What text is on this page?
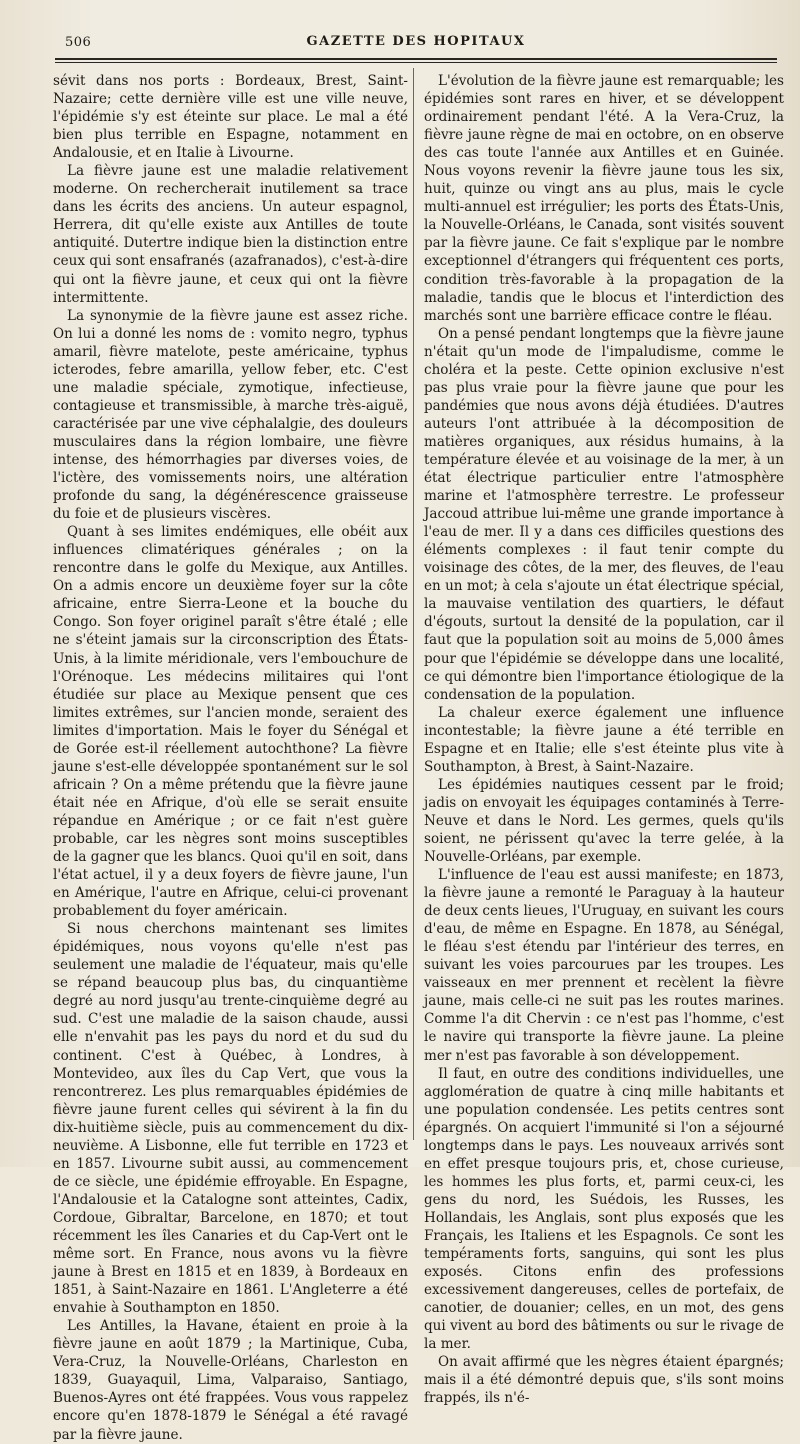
506	GAZETTE DES HOPITAUX

sévit dans nos ports : Bordeaux, Brest, Saint-Nazaire; cette dernière ville est une ville neuve, l'épidémie s'y est éteinte sur place. Le mal a été bien plus terrible en Espagne, notamment en Andalousie, et en Italie à Livourne.

La fièvre jaune est une maladie relativement moderne. On rechercherait inutilement sa trace dans les écrits des anciens. Un auteur espagnol, Herrera, dit qu'elle existe aux Antilles de toute antiquité. Dutertre indique bien la distinction entre ceux qui sont ensafranés (azafranados), c'est-à-dire qui ont la fièvre jaune, et ceux qui ont la fièvre intermittente.

La synonymie de la fièvre jaune est assez riche. On lui a donné les noms de : vomito negro, typhus amaril, fièvre matelote, peste américaine, typhus icterodes, febre amarilla, yellow feber, etc. C'est une maladie spéciale, zymotique, infectieuse, contagieuse et transmissible, à marche très-aiguë, caractérisée par une vive céphalalgie, des douleurs musculaires dans la région lombaire, une fièvre intense, des hémorrhagies par diverses voies, de l'ictère, des vomissements noirs, une altération profonde du sang, la dégénérescence graisseuse du foie et de plusieurs viscères.

Quant à ses limites endémiques, elle obéit aux influences climatériques générales ; on la rencontre dans le golfe du Mexique, aux Antilles. On a admis encore un deuxième foyer sur la côte africaine, entre Sierra-Leone et la bouche du Congo. Son foyer originel paraît s'être étalé ; elle ne s'éteint jamais sur la circonscription des États-Unis, à la limite méridionale, vers l'embouchure de l'Orénoque. Les médecins militaires qui l'ont étudiée sur place au Mexique pensent que ces limites extrêmes, sur l'ancien monde, seraient des limites d'importation. Mais le foyer du Sénégal et de Gorée est-il réellement autochthone? La fièvre jaune s'est-elle développée spontanément sur le sol africain ? On a même prétendu que la fièvre jaune était née en Afrique, d'où elle se serait ensuite répandue en Amérique ; or ce fait n'est guère probable, car les nègres sont moins susceptibles de la gagner que les blancs. Quoi qu'il en soit, dans l'état actuel, il y a deux foyers de fièvre jaune, l'un en Amérique, l'autre en Afrique, celui-ci provenant probablement du foyer américain.

Si nous cherchons maintenant ses limites épidémiques, nous voyons qu'elle n'est pas seulement une maladie de l'équateur, mais qu'elle se répand beaucoup plus bas, du cinquantième degré au nord jusqu'au trente-cinquième degré au sud. C'est une maladie de la saison chaude, aussi elle n'envahit pas les pays du nord et du sud du continent. C'est à Québec, à Londres, à Montevideo, aux îles du Cap Vert, que vous la rencontrerez. Les plus remarquables épidémies de fièvre jaune furent celles qui sévirent à la fin du dix-huitième siècle, puis au commencement du dix-neuvième. A Lisbonne, elle fut terrible en 1723 et en 1857. Livourne subit aussi, au commencement de ce siècle, une épidémie effroyable. En Espagne, l'Andalousie et la Catalogne sont atteintes, Cadix, Cordoue, Gibraltar, Barcelone, en 1870; et tout récemment les îles Canaries et du Cap-Vert ont le même sort. En France, nous avons vu la fièvre jaune à Brest en 1815 et en 1839, à Bordeaux en 1851, à Saint-Nazaire en 1861. L'Angleterre a été envahie à Southampton en 1850.

Les Antilles, la Havane, étaient en proie à la fièvre jaune en août 1879 ; la Martinique, Cuba, Vera-Cruz, la Nouvelle-Orléans, Charleston en 1839, Guayaquil, Lima, Valparaiso, Santiago, Buenos-Ayres ont été frappées. Vous vous rappelez encore qu'en 1878-1879 le Sénégal a été ravagé par la fièvre jaune.

L'évolution de la fièvre jaune est remarquable; les épidémies sont rares en hiver, et se développent ordinairement pendant l'été. A la Vera-Cruz, la fièvre jaune règne de mai en octobre, on en observe des cas toute l'année aux Antilles et en Guinée. Nous voyons revenir la fièvre jaune tous les six, huit, quinze ou vingt ans au plus, mais le cycle multi-annuel est irrégulier; les ports des États-Unis, la Nouvelle-Orléans, le Canada, sont visités souvent par la fièvre jaune. Ce fait s'explique par le nombre exceptionnel d'étrangers qui fréquentent ces ports, condition très-favorable à la propagation de la maladie, tandis que le blocus et l'interdiction des marchés sont une barrière efficace contre le fléau.

On a pensé pendant longtemps que la fièvre jaune n'était qu'un mode de l'impaludisme, comme le choléra et la peste. Cette opinion exclusive n'est pas plus vraie pour la fièvre jaune que pour les pandémies que nous avons déjà étudiées. D'autres auteurs l'ont attribuée à la décomposition de matières organiques, aux résidus humains, à la température élevée et au voisinage de la mer, à un état électrique particulier entre l'atmosphère marine et l'atmosphère terrestre. Le professeur Jaccoud attribue lui-même une grande importance à l'eau de mer. Il y a dans ces difficiles questions des éléments complexes : il faut tenir compte du voisinage des côtes, de la mer, des fleuves, de l'eau en un mot; à cela s'ajoute un état électrique spécial, la mauvaise ventilation des quartiers, le défaut d'égouts, surtout la densité de la population, car il faut que la population soit au moins de 5,000 âmes pour que l'épidémie se développe dans une localité, ce qui démontre bien l'importance étiologique de la condensation de la population.

La chaleur exerce également une influence incontestable; la fièvre jaune a été terrible en Espagne et en Italie; elle s'est éteinte plus vite à Southampton, à Brest, à Saint-Nazaire.

Les épidémies nautiques cessent par le froid; jadis on envoyait les équipages contaminés à Terre-Neuve et dans le Nord. Les germes, quels qu'ils soient, ne périssent qu'avec la terre gelée, à la Nouvelle-Orléans, par exemple.

L'influence de l'eau est aussi manifeste; en 1873, la fièvre jaune a remonté le Paraguay à la hauteur de deux cents lieues, l'Uruguay, en suivant les cours d'eau, de même en Espagne. En 1878, au Sénégal, le fléau s'est étendu par l'intérieur des terres, en suivant les voies parcourues par les troupes. Les vaisseaux en mer prennent et recèlent la fièvre jaune, mais celle-ci ne suit pas les routes marines. Comme l'a dit Chervin : ce n'est pas l'homme, c'est le navire qui transporte la fièvre jaune. La pleine mer n'est pas favorable à son développement.

Il faut, en outre des conditions individuelles, une agglomération de quatre à cinq mille habitants et une population condensée. Les petits centres sont épargnés. On acquiert l'immunité si l'on a séjourné longtemps dans le pays. Les nouveaux arrivés sont en effet presque toujours pris, et, chose curieuse, les hommes les plus forts, et, parmi ceux-ci, les gens du nord, les Suédois, les Russes, les Hollandais, les Anglais, sont plus exposés que les Français, les Italiens et les Espagnols. Ce sont les tempéraments forts, sanguins, qui sont les plus exposés. Citons enfin des professions excessivement dangereuses, celles de portefaix, de canotier, de douanier; celles, en un mot, des gens qui vivent au bord des bâtiments ou sur le rivage de la mer.

On avait affirmé que les nègres étaient épargnés; mais il a été démontré depuis que, s'ils sont moins frappés, ils n'é-
